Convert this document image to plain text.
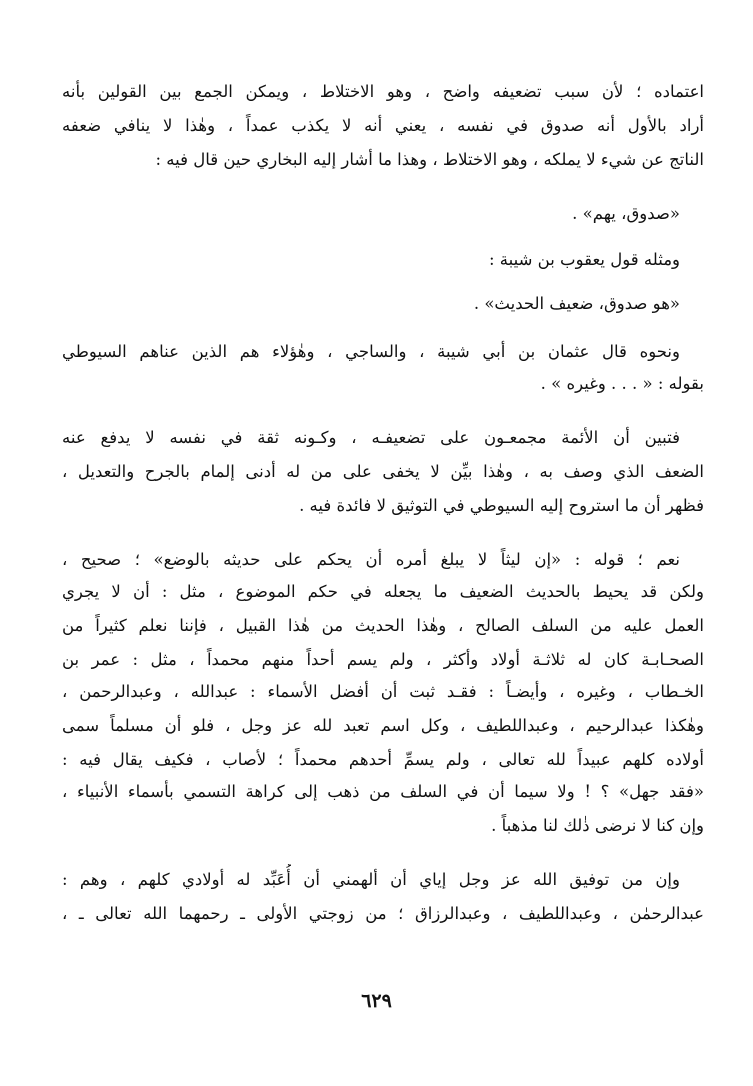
اعتماده ؛ لأن سبب تضعيفه واضح ، وهو الاختلاط ، ويمكن الجمع بين القولين بأنه
أراد بالأول أنه صدوق في نفسه ، يعني أنه لا يكذب عمداً ، وهٰذا لا ينافي ضعفه
الناتج عن شيء لا يملكه ، وهو الاختلاط ، وهذا ما أشار إليه البخاري حين قال فيه :
«صدوق، يهم» .
ومثله قول يعقوب بن شيبة :
«هو صدوق، ضعيف الحديث» .
ونحوه قال عثمان بن أبي شيبة ، والساجي ، وهٰؤلاء هم الذين عناهم السيوطي
بقوله : « . . . وغيره » .
فتبين أن الأئمة مجمعـون على تضعيفـه ، وكـونه ثقة في نفسه لا يدفع عنه
الضعف الذي وصف به ، وهٰذا بيِّن لا يخفى على من له أدنى إلمام بالجرح والتعديل ،
فظهر أن ما استروح إليه السيوطي في التوثيق لا فائدة فيه .
نعم ؛ قوله : «إن ليثاً لا يبلغ أمره أن يحكم على حديثه بالوضع» ؛ صحيح ،
ولكن قد يحيط بالحديث الضعيف ما يجعله في حكم الموضوع ، مثل : أن لا يجري
العمل عليه من السلف الصالح ، وهٰذا الحديث من هٰذا القبيل ، فإننا نعلم كثيراً من
الصحـابـة كان له ثلاثـة أولاد وأكثر ، ولم يسم أحداً منهم محمداً ، مثل : عمر بن
الخـطاب ، وغيره ، وأيضـاً : فقـد ثبت أن أفضل الأسماء : عبدالله ، وعبدالرحمن ،
وهٰكذا عبدالرحيم ، وعبداللطيف ، وكل اسم تعبد لله عز وجل ، فلو أن مسلماً سمى
أولاده كلهم عبيداً لله تعالى ، ولم يسمِّ أحدهم محمداً ؛ لأصاب ، فكيف يقال فيه :
«فقد جهل» ؟ ! ولا سيما أن في السلف من ذهب إلى كراهة التسمي بأسماء الأنبياء ،
وإن كنا لا نرضى ذٰلك لنا مذهباً .
وإن من توفيق الله عز وجل إياي أن ألهمني أن أُعَبِّد له أولادي كلهم ، وهم :
عبدالرحمٰن ، وعبداللطيف ، وعبدالرزاق ؛ من زوجتي الأولى ـ رحمهما الله تعالى ـ ،
٦٢٩
